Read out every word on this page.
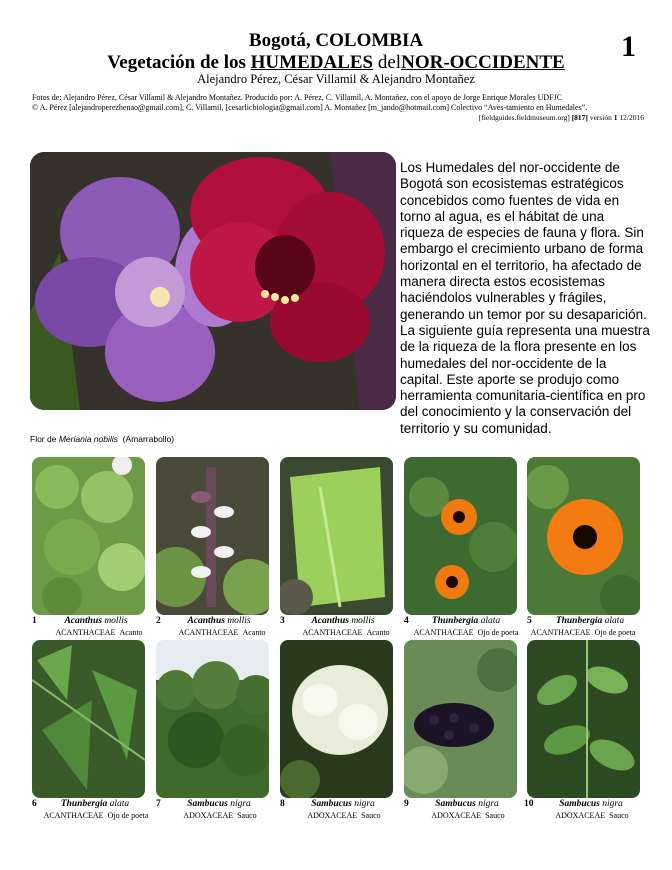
Bogotá, COLOMBIA
Vegetación de los HUMEDALES delNOR-OCCIDENTE	1
Alejandro Pérez, César Villamil & Alejandro Montañez
Fotos de: Alejandro Pérez, César Villamil & Alejandro Montañez. Producido por: A. Pérez, C. Villamil, A. Montañez, con el apoyo de Jorge Enrique Morales UDFJC
© A. Pérez [alejandroperezhenao@gmail.com], C. Villamil, [cesarlicbiologia@gmail.com] A. Montañez [m_jando@hotmail.com] Colectivo “Aves-tamiento en Humedales”.
[fieldguides.fieldmuseum.org] [817] versión 1 12/2016
Los Humedales del nor-occidente de Bogotá son ecosistemas estratégicos concebidos como fuentes de vida en torno al agua, es el hábitat de una riqueza de especies de fauna y flora. Sin embargo el crecimiento urbano de forma horizontal en el territorio, ha afectado de manera directa estos ecosistemas haciéndolos vulnerables y frágiles, generando un temor por su desaparición. La siguiente guía representa una muestra de la riqueza de la flora presente en los humedales del nor-occidente de la capital. Este aporte se produjo como herramienta comunitaria-científica en pro del conocimiento y la conservación del territorio y su comunidad.
Flor de Meriania nobilis (Amarrabollo)
1	Acanthus mollis
ACANTHACEAE Acanto
2	Acanthus mollis
ACANTHACEAE Acanto
3	Acanthus mollis
ACANTHACEAE Acanto
4	Thunbergia alata
ACANTHACEAE Ojo de poeta
5	Thunbergia alata
ACANTHACEAE Ojo de poeta
6	Thunbergia alata
ACANTHACEAE Ojo de poeta
7	Sambucus nigra
ADOXACEAE Sauco
8	Sambucus nigra
ADOXACEAE Sauco
9	Sambucus nigra
ADOXACEAE Sauco
10	Sambucus nigra
ADOXACEAE Sauco
